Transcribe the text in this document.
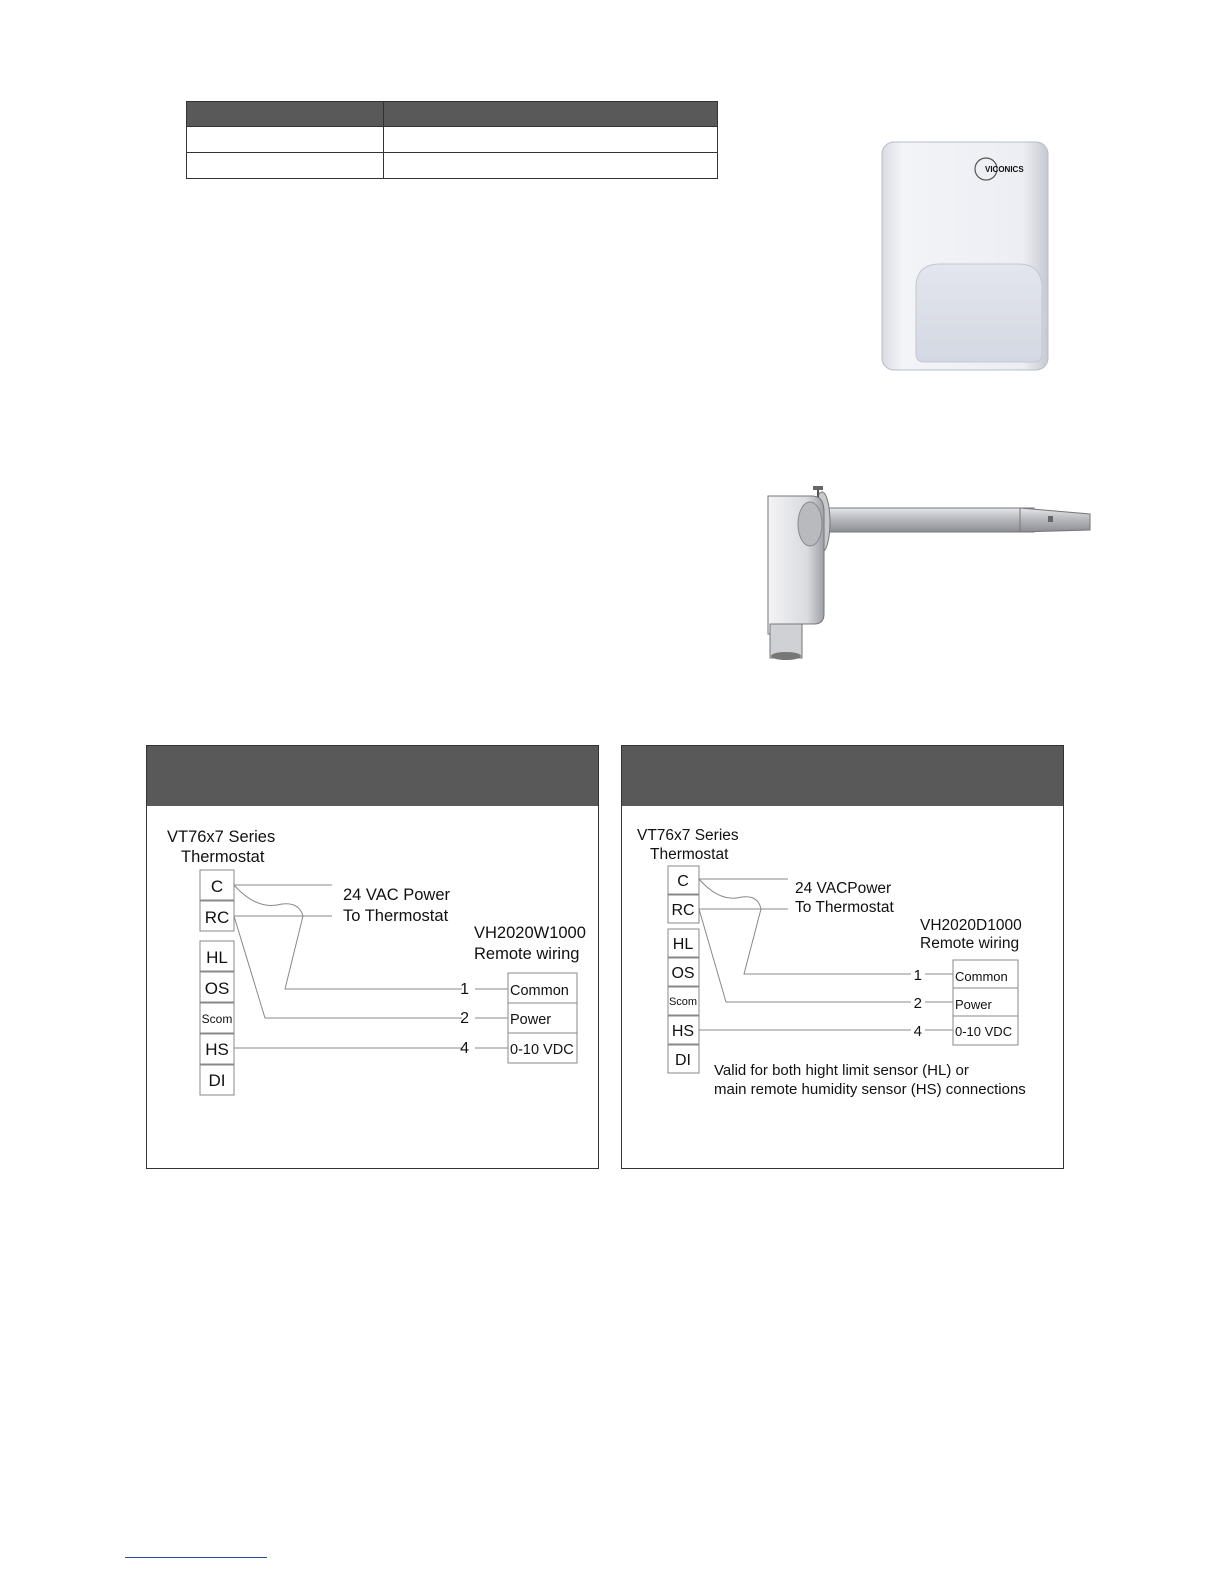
VICONICS
VT76x7 Series
Thermostat
C
RC
HL
OS
Scom
HS
DI
24 VAC Power
To Thermostat
VH2020W1000
Remote wiring
1
2
4
Common
Power
0-10 VDC
VT76x7 Series
Thermostat
C
RC
HL
OS
Scom
HS
DI
24 VACPower
To Thermostat
VH2020D1000
Remote wiring
1
2
4
Common
Power
0-10 VDC
Valid for both hight limit sensor (HL) or
main remote humidity sensor (HS) connections
